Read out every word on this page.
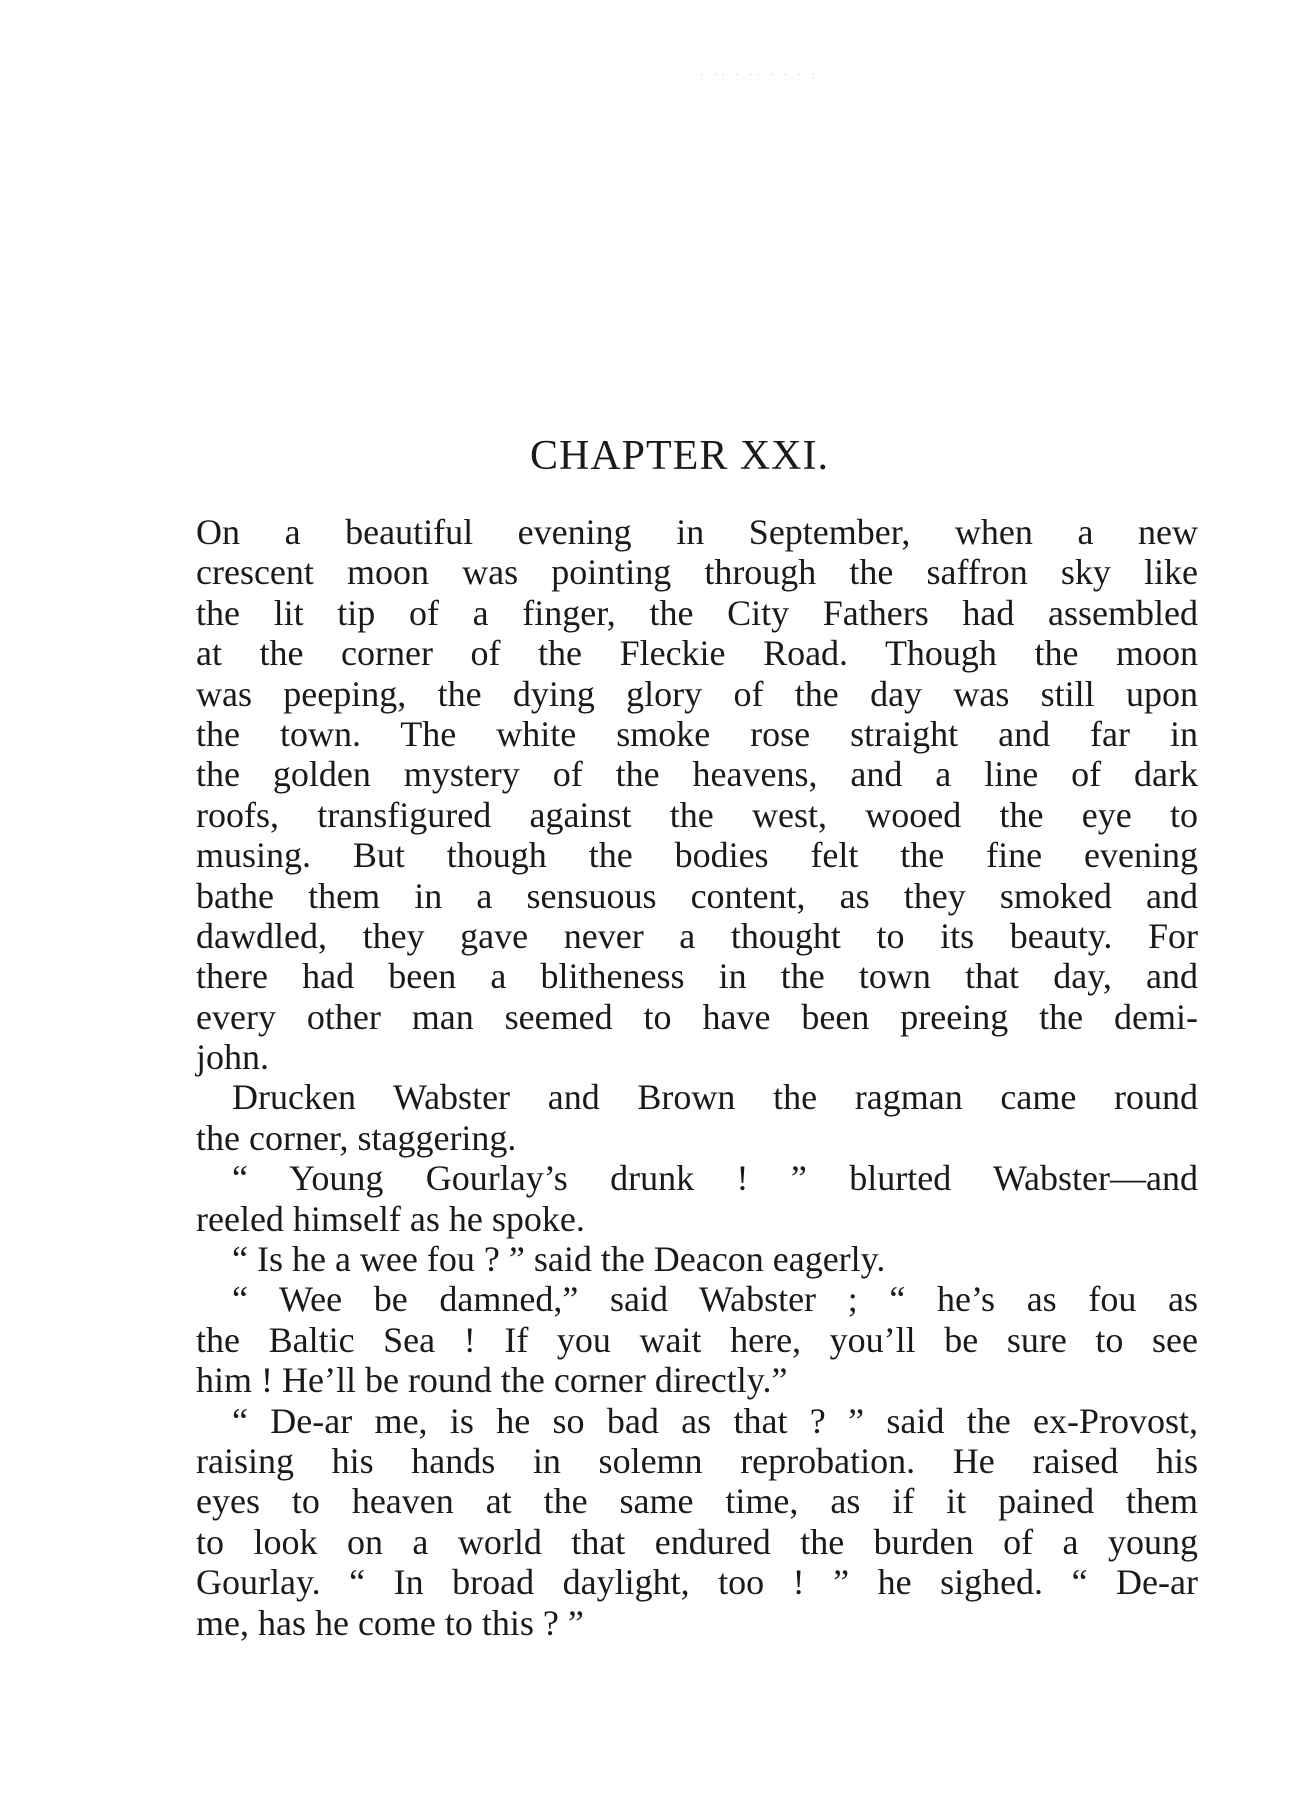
· ·· · ·· · · · :
CHAPTER XXI.
On a beautiful evening in September, when a new
crescent moon was pointing through the saffron sky like
the lit tip of a finger, the City Fathers had assembled
at the corner of the Fleckie Road. Though the moon
was peeping, the dying glory of the day was still upon
the town. The white smoke rose straight and far in
the golden mystery of the heavens, and a line of dark
roofs, transfigured against the west, wooed the eye to
musing. But though the bodies felt the fine evening
bathe them in a sensuous content, as they smoked and
dawdled, they gave never a thought to its beauty. For
there had been a blitheness in the town that day, and
every other man seemed to have been preeing the demi-
john.
Drucken Wabster and Brown the ragman came round
the corner, staggering.
“ Young Gourlay’s drunk ! ” blurted Wabster—and
reeled himself as he spoke.
“ Is he a wee fou ? ” said the Deacon eagerly.
“ Wee be damned,” said Wabster ; “ he’s as fou as
the Baltic Sea ! If you wait here, you’ll be sure to see
him ! He’ll be round the corner directly.”
“ De-ar me, is he so bad as that ? ” said the ex-Provost,
raising his hands in solemn reprobation. He raised his
eyes to heaven at the same time, as if it pained them
to look on a world that endured the burden of a young
Gourlay. “ In broad daylight, too ! ” he sighed. “ De-ar
me, has he come to this ? ”
